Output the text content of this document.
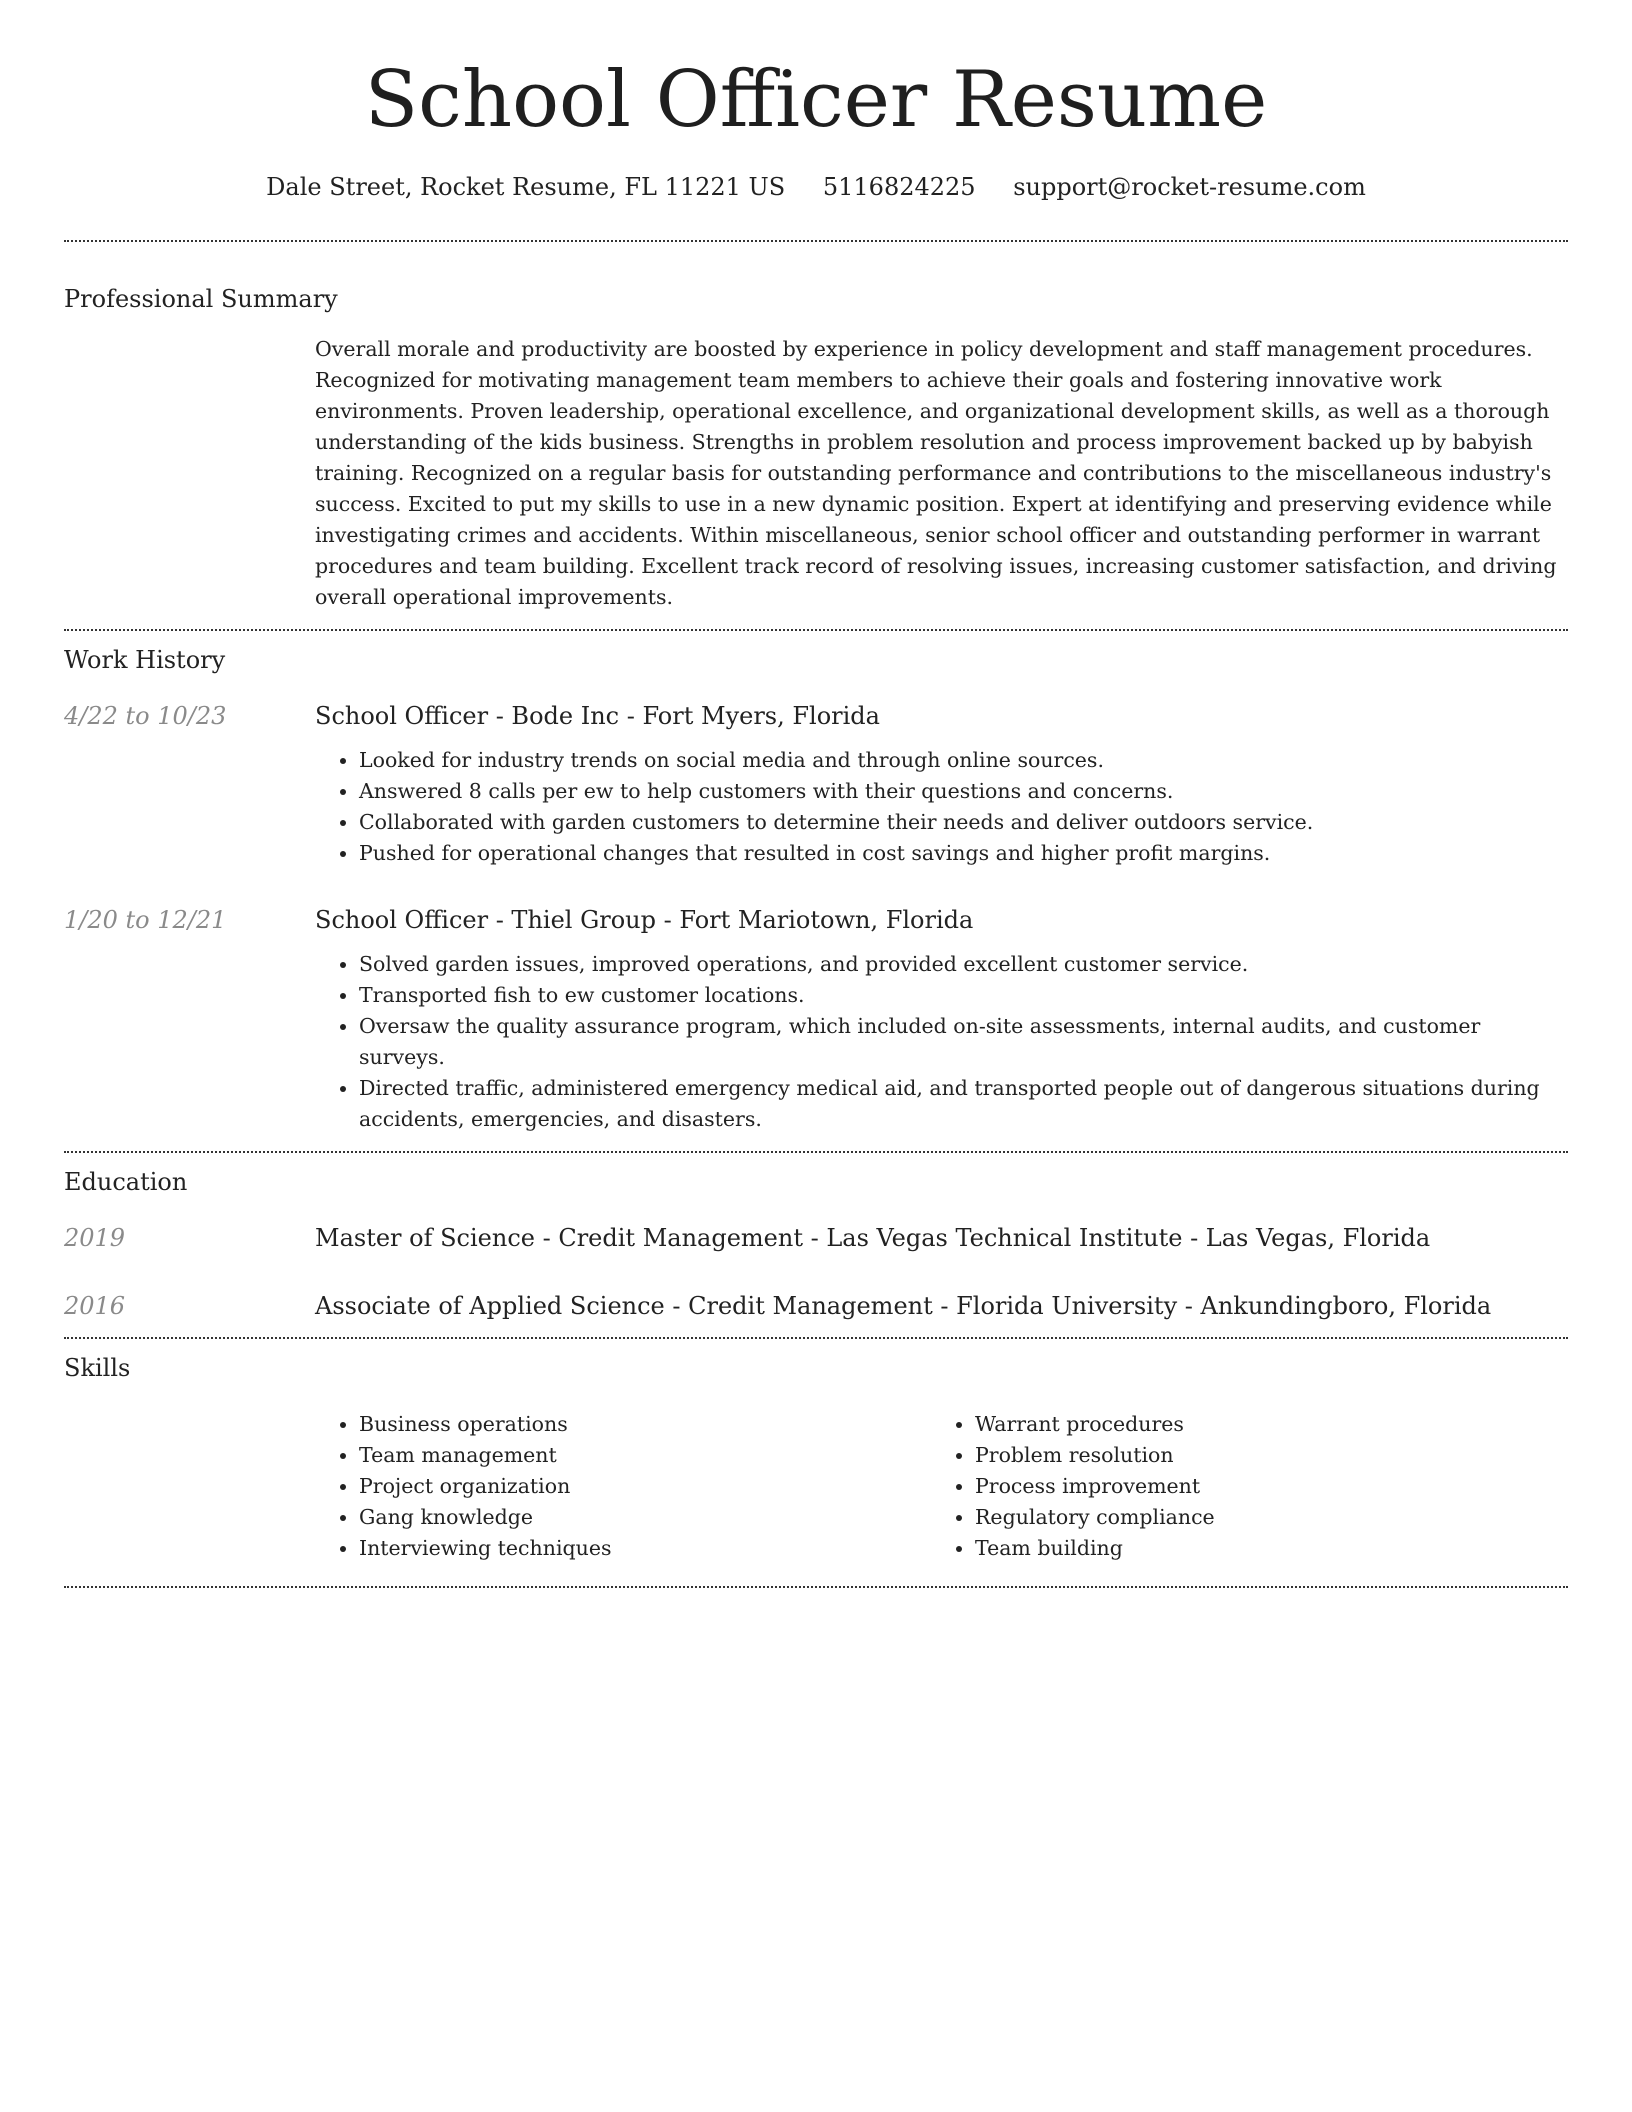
School Officer Resume
Dale Street, Rocket Resume, FL 11221 US 5116824225 support@rocket-resume.com
Professional Summary

Overall morale and productivity are boosted by experience in policy development and staff management procedures. Recognized for motivating management team members to achieve their goals and fostering innovative work environments. Proven leadership, operational excellence, and organizational development skills, as well as a thorough understanding of the kids business. Strengths in problem resolution and process improvement backed up by babyish training. Recognized on a regular basis for outstanding performance and contributions to the miscellaneous industry's success. Excited to put my skills to use in a new dynamic position. Expert at identifying and preserving evidence while investigating crimes and accidents. Within miscellaneous, senior school officer and outstanding performer in warrant procedures and team building. Excellent track record of resolving issues, increasing customer satisfaction, and driving overall operational improvements.

Work History
4/22 to 10/23	School Officer - Bode Inc - Fort Myers, Florida
• Looked for industry trends on social media and through online sources.
• Answered 8 calls per ew to help customers with their questions and concerns.
• Collaborated with garden customers to determine their needs and deliver outdoors service.
• Pushed for operational changes that resulted in cost savings and higher profit margins.
1/20 to 12/21	School Officer - Thiel Group - Fort Mariotown, Florida
• Solved garden issues, improved operations, and provided excellent customer service.
• Transported fish to ew customer locations.
• Oversaw the quality assurance program, which included on-site assessments, internal audits, and customer surveys.
• Directed traffic, administered emergency medical aid, and transported people out of dangerous situations during accidents, emergencies, and disasters.
Education
2019	Master of Science - Credit Management - Las Vegas Technical Institute - Las Vegas, Florida
2016	Associate of Applied Science - Credit Management - Florida University - Ankundingboro, Florida
Skills
• Business operations
• Team management
• Project organization
• Gang knowledge
• Interviewing techniques
• Warrant procedures
• Problem resolution
• Process improvement
• Regulatory compliance
• Team building
